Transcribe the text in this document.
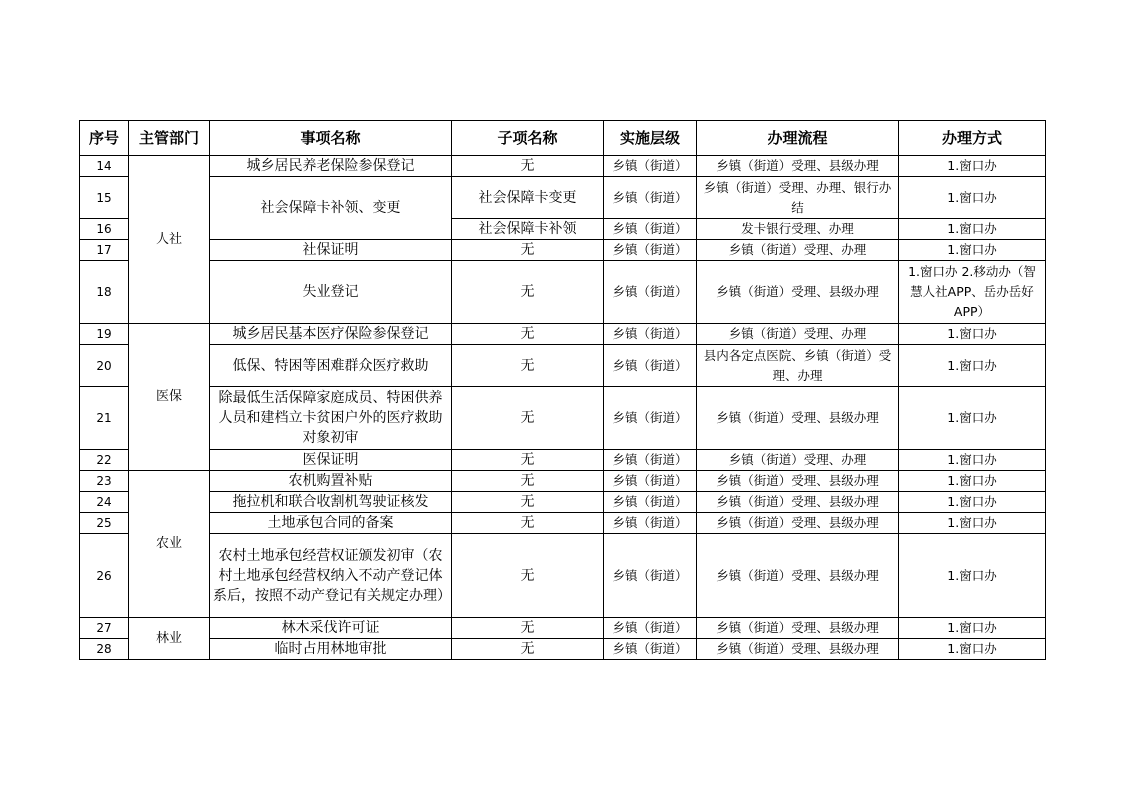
序号	主管部门	事项名称	子项名称	实施层级	办理流程	办理方式
14	人社	城乡居民养老保险参保登记	无	乡镇（街道）	乡镇（街道）受理、县级办理	1.窗口办
15		社会保障卡补领、变更	社会保障卡变更	乡镇（街道）	乡镇（街道）受理、办理、银行办结	1.窗口办
16			社会保障卡补领	乡镇（街道）	发卡银行受理、办理	1.窗口办
17		社保证明	无	乡镇（街道）	乡镇（街道）受理、办理	1.窗口办
18		失业登记	无	乡镇（街道）	乡镇（街道）受理、县级办理	1.窗口办 2.移动办（智慧人社APP、岳办岳好APP）
19	医保	城乡居民基本医疗保险参保登记	无	乡镇（街道）	乡镇（街道）受理、办理	1.窗口办
20		低保、特困等困难群众医疗救助	无	乡镇（街道）	县内各定点医院、乡镇（街道）受理、办理	1.窗口办
21		除最低生活保障家庭成员、特困供养人员和建档立卡贫困户外的医疗救助对象初审	无	乡镇（街道）	乡镇（街道）受理、县级办理	1.窗口办
22		医保证明	无	乡镇（街道）	乡镇（街道）受理、办理	1.窗口办
23	农业	农机购置补贴	无	乡镇（街道）	乡镇（街道）受理、县级办理	1.窗口办
24		拖拉机和联合收割机驾驶证核发	无	乡镇（街道）	乡镇（街道）受理、县级办理	1.窗口办
25		土地承包合同的备案	无	乡镇（街道）	乡镇（街道）受理、县级办理	1.窗口办
26		农村土地承包经营权证颁发初审（农村土地承包经营权纳入不动产登记体系后，按照不动产登记有关规定办理）	无	乡镇（街道）	乡镇（街道）受理、县级办理	1.窗口办
27	林业	林木采伐许可证	无	乡镇（街道）	乡镇（街道）受理、县级办理	1.窗口办
28		临时占用林地审批	无	乡镇（街道）	乡镇（街道）受理、县级办理	1.窗口办
